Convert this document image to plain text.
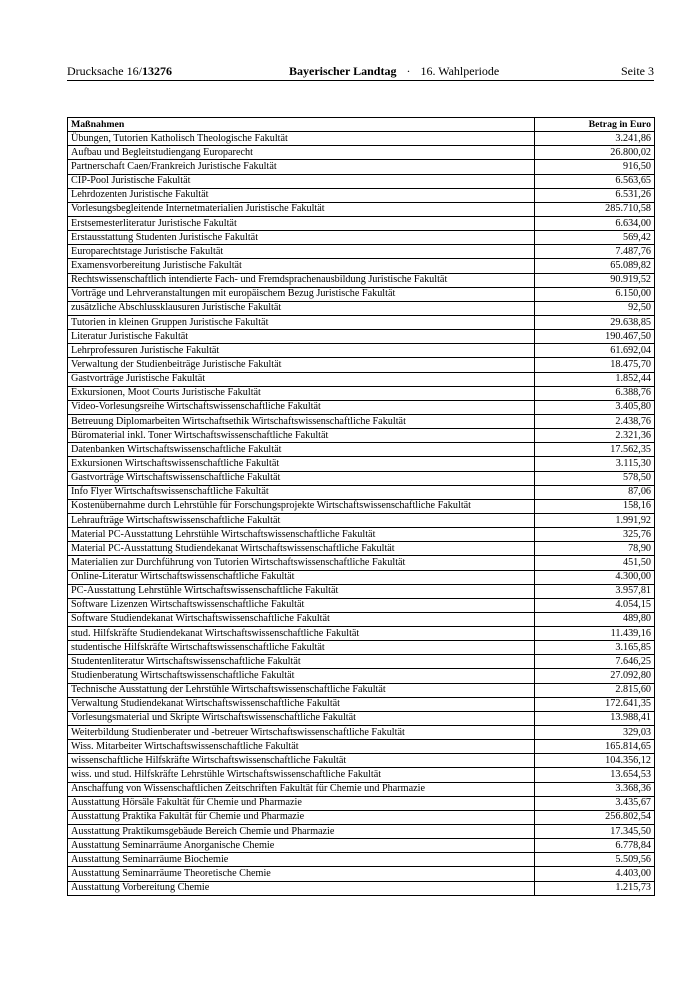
Drucksache 16/13276	Bayerischer Landtag · 16. Wahlperiode	Seite 3
Maßnahmen	Betrag in Euro
Übungen, Tutorien Katholisch Theologische Fakultät	3.241,86
Aufbau und Begleitstudiengang Europarecht	26.800,02
Partnerschaft Caen/Frankreich Juristische Fakultät	916,50
CIP-Pool Juristische Fakultät	6.563,65
Lehrdozenten Juristische Fakultät	6.531,26
Vorlesungsbegleitende Internetmaterialien Juristische Fakultät	285.710,58
Erstsemesterliteratur Juristische Fakultät	6.634,00
Erstausstattung Studenten Juristische Fakultät	569,42
Europarechtstage Juristische Fakultät	7.487,76
Examensvorbereitung Juristische Fakultät	65.089,82
Rechtswissenschaftlich intendierte Fach- und Fremdsprachenausbildung Juristische Fakultät	90.919,52
Vorträge und Lehrveranstaltungen mit europäischem Bezug Juristische Fakultät	6.150,00
zusätzliche Abschlussklausuren Juristische Fakultät	92,50
Tutorien in kleinen Gruppen Juristische Fakultät	29.638,85
Literatur Juristische Fakultät	190.467,50
Lehrprofessuren Juristische Fakultät	61.692,04
Verwaltung der Studienbeiträge Juristische Fakultät	18.475,70
Gastvorträge Juristische Fakultät	1.852,44
Exkursionen, Moot Courts Juristische Fakultät	6.388,76
Video-Vorlesungsreihe Wirtschaftswissenschaftliche Fakultät	3.405,80
Betreuung Diplomarbeiten Wirtschaftsethik Wirtschaftswissenschaftliche Fakultät	2.438,76
Büromaterial inkl. Toner Wirtschaftswissenschaftliche Fakultät	2.321,36
Datenbanken Wirtschaftswissenschaftliche Fakultät	17.562,35
Exkursionen Wirtschaftswissenschaftliche Fakultät	3.115,30
Gastvorträge Wirtschaftswissenschaftliche Fakultät	578,50
Info Flyer Wirtschaftswissenschaftliche Fakultät	87,06
Kostenübernahme durch Lehrstühle für Forschungsprojekte Wirtschaftswissenschaftliche Fakultät	158,16
Lehraufträge Wirtschaftswissenschaftliche Fakultät	1.991,92
Material PC-Ausstattung Lehrstühle Wirtschaftswissenschaftliche Fakultät	325,76
Material PC-Ausstattung Studiendekanat Wirtschaftswissenschaftliche Fakultät	78,90
Materialien zur Durchführung von Tutorien Wirtschaftswissenschaftliche Fakultät	451,50
Online-Literatur Wirtschaftswissenschaftliche Fakultät	4.300,00
PC-Ausstattung Lehrstühle Wirtschaftswissenschaftliche Fakultät	3.957,81
Software Lizenzen Wirtschaftswissenschaftliche Fakultät	4.054,15
Software Studiendekanat Wirtschaftswissenschaftliche Fakultät	489,80
stud. Hilfskräfte Studiendekanat Wirtschaftswissenschaftliche Fakultät	11.439,16
studentische Hilfskräfte Wirtschaftswissenschaftliche Fakultät	3.165,85
Studentenliteratur Wirtschaftswissenschaftliche Fakultät	7.646,25
Studienberatung Wirtschaftswissenschaftliche Fakultät	27.092,80
Technische Ausstattung der Lehrstühle Wirtschaftswissenschaftliche Fakultät	2.815,60
Verwaltung Studiendekanat Wirtschaftswissenschaftliche Fakultät	172.641,35
Vorlesungsmaterial und Skripte Wirtschaftswissenschaftliche Fakultät	13.988,41
Weiterbildung Studienberater und -betreuer Wirtschaftswissenschaftliche Fakultät	329,03
Wiss. Mitarbeiter Wirtschaftswissenschaftliche Fakultät	165.814,65
wissenschaftliche Hilfskräfte Wirtschaftswissenschaftliche Fakultät	104.356,12
wiss. und stud. Hilfskräfte Lehrstühle Wirtschaftswissenschaftliche Fakultät	13.654,53
Anschaffung von Wissenschaftlichen Zeitschriften Fakultät für Chemie und Pharmazie	3.368,36
Ausstattung Hörsäle Fakultät für Chemie und Pharmazie	3.435,67
Ausstattung Praktika Fakultät für Chemie und Pharmazie	256.802,54
Ausstattung Praktikumsgebäude Bereich Chemie und Pharmazie	17.345,50
Ausstattung Seminarräume Anorganische Chemie	6.778,84
Ausstattung Seminarräume Biochemie	5.509,56
Ausstattung Seminarräume Theoretische Chemie	4.403,00
Ausstattung Vorbereitung Chemie	1.215,73
